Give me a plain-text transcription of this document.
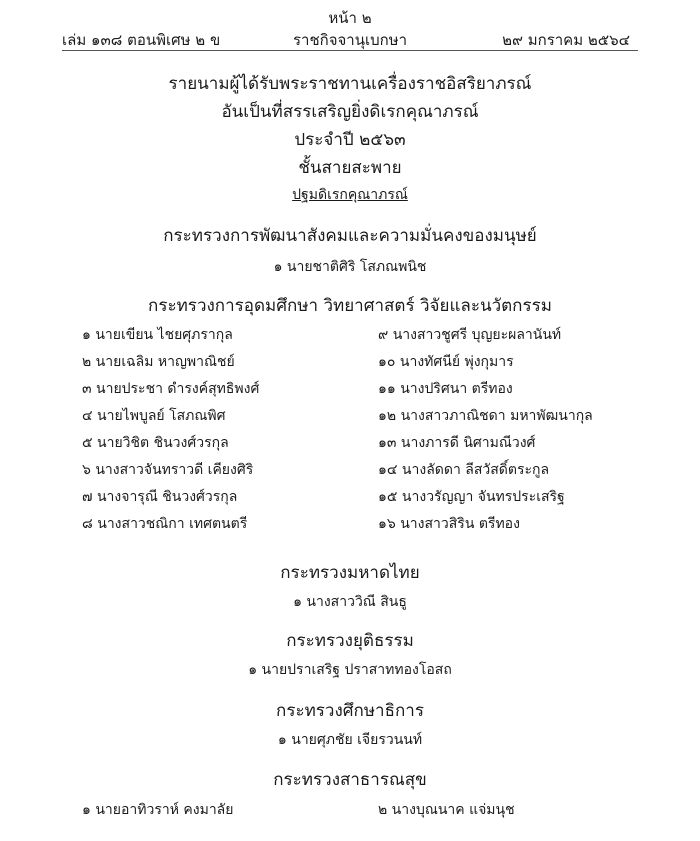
หน้า ๒
เล่ม ๑๓๘ ตอนพิเศษ ๒ ข	ราชกิจจานุเบกษา	๒๙ มกราคม ๒๕๖๔
รายนามผู้ได้รับพระราชทานเครื่องราชอิสริยาภรณ์
อันเป็นที่สรรเสริญยิ่งดิเรกคุณาภรณ์
ประจำปี ๒๕๖๓
ชั้นสายสะพาย
ปฐมดิเรกคุณาภรณ์
กระทรวงการพัฒนาสังคมและความมั่นคงของมนุษย์
๑ นายชาติศิริ โสภณพนิช
กระทรวงการอุดมศึกษา วิทยาศาสตร์ วิจัยและนวัตกรรม
๑ นายเขียน ไชยศุภรากุล
๒ นายเฉลิม หาญพาณิชย์
๓ นายประชา ดำรงค์สุทธิพงศ์
๔ นายไพบูลย์ โสภณพิศ
๕ นายวิชิต ชินวงศ์วรกุล
๖ นางสาวจันทราวดี เคียงศิริ
๗ นางจารุณี ชินวงศ์วรกุล
๘ นางสาวชณิกา เทศตนตรี
๙ นางสาวชูศรี บุญยะผลานันท์
๑๐ นางทัศนีย์ พุ่งกุมาร
๑๑ นางปริศนา ตรีทอง
๑๒ นางสาวภาณิชดา มหาพัฒนากุล
๑๓ นางภารดี นิศามณีวงศ์
๑๔ นางลัดดา ลีสวัสดิ์ตระกูล
๑๕ นางวรัญญา จันทรประเสริฐ
๑๖ นางสาวสิริน ตรีทอง
กระทรวงมหาดไทย
๑ นางสาววิณี สินธู
กระทรวงยุติธรรม
๑ นายปราเสริฐ ปราสาททองโอสถ
กระทรวงศึกษาธิการ
๑ นายศุภชัย เจียรวนนท์
กระทรวงสาธารณสุข
๑ นายอาทิวราห์ คงมาลัย	๒ นางบุณนาค แจ่มนุช
